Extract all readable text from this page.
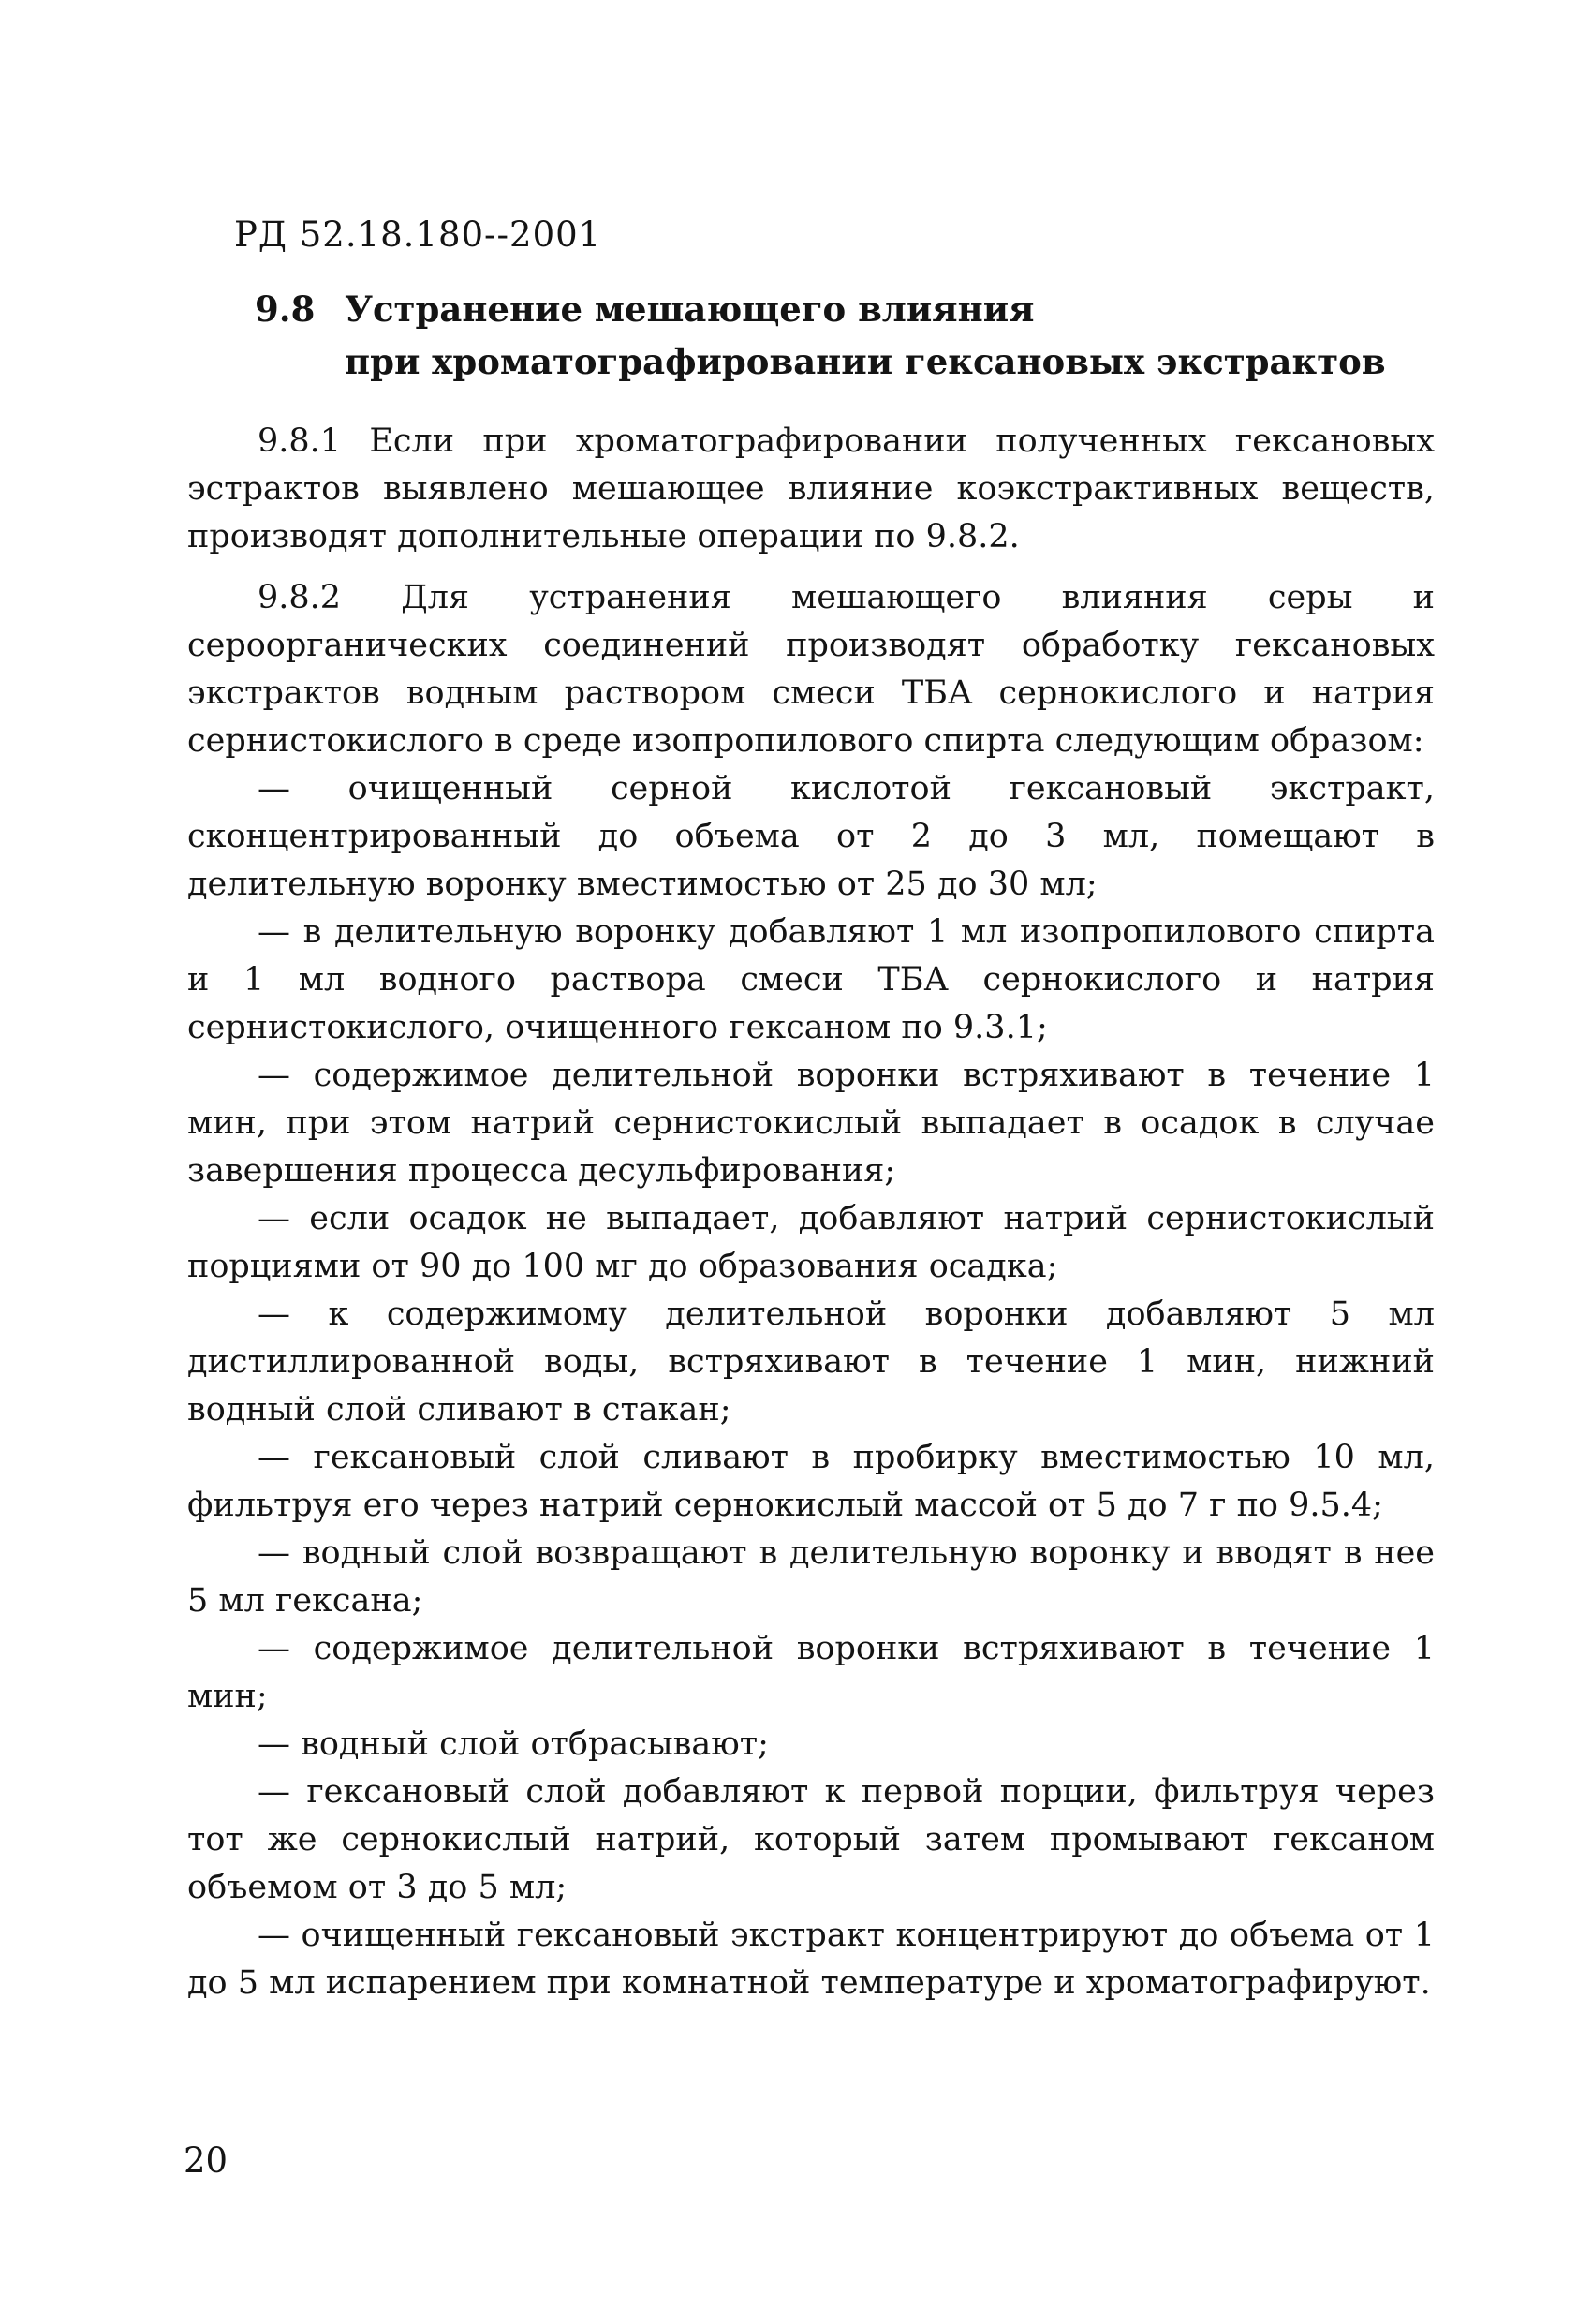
РД 52.18.180--2001
9.8 Устранение мешающего влияния
при хроматографировании гексановых экстрактов

9.8.1 Если при хроматографировании полученных гексановых эстрактов выявлено мешающее влияние коэкстрактивных веществ, производят дополнительные операции по 9.8.2.

9.8.2 Для устранения мешающего влияния серы и сероорганических соединений производят обработку гексановых экстрактов водным раствором смеси ТБА сернокислого и натрия сернистокислого в среде изопропилового спирта следующим образом:

— очищенный серной кислотой гексановый экстракт, сконцентрированный до объема от 2 до 3 мл, помещают в делительную воронку вместимостью от 25 до 30 мл;

— в делительную воронку добавляют 1 мл изопропилового спирта и 1 мл водного раствора смеси ТБА сернокислого и натрия сернистокислого, очищенного гексаном по 9.3.1;

— содержимое делительной воронки встряхивают в течение 1 мин, при этом натрий сернистокислый выпадает в осадок в случае завершения процесса десульфирования;

— если осадок не выпадает, добавляют натрий сернистокислый порциями от 90 до 100 мг до образования осадка;

— к содержимому делительной воронки добавляют 5 мл дистиллированной воды, встряхивают в течение 1 мин, нижний водный слой сливают в стакан;

— гексановый слой сливают в пробирку вместимостью 10 мл, фильтруя его через натрий сернокислый массой от 5 до 7 г по 9.5.4;

— водный слой возвращают в делительную воронку и вводят в нее 5 мл гексана;

— содержимое делительной воронки встряхивают в течение 1 мин;

— водный слой отбрасывают;

— гексановый слой добавляют к первой порции, фильтруя через тот же сернокислый натрий, который затем промывают гексаном объемом от 3 до 5 мл;

— очищенный гексановый экстракт концентрируют до объема от 1 до 5 мл испарением при комнатной температуре и хроматографируют.

20
